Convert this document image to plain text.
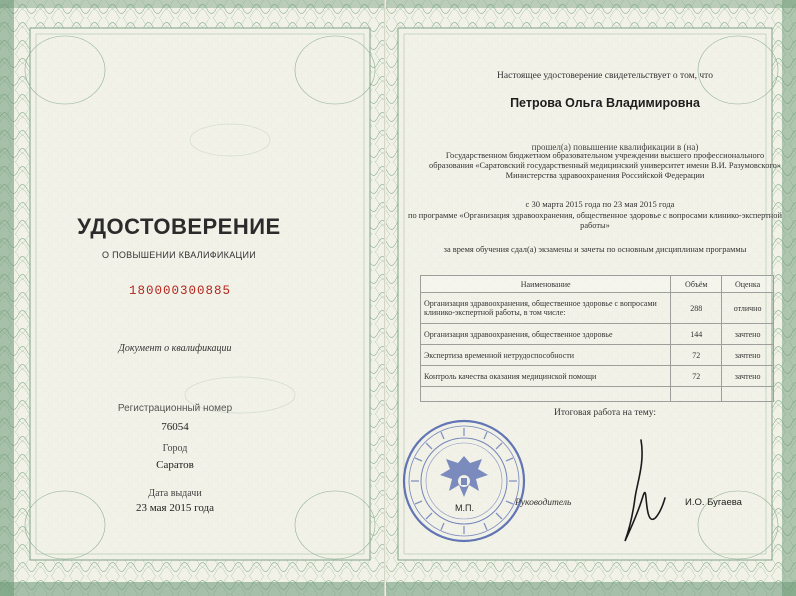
УДОСТОВЕРЕНИЕ
О ПОВЫШЕНИИ КВАЛИФИКАЦИИ
180000300885
Документ о квалификации
Регистрационный номер
76054
Город
Саратов
Дата выдачи
23 мая 2015 года
Настоящее удостоверение свидетельствует о том, что
Петрова Ольга Владимировна
прошел(а) повышение квалификации в (на)
Государственном бюджетном образовательном учреждении высшего профессионального образования «Саратовский государственный медицинский университет имени В.И. Разумовского» Министерства здравоохранения Российской Федерации
с 30 марта 2015 года по 23 мая 2015 года
по программе «Организация здравоохранения, общественное здоровье с вопросами клинико-экспертной работы»
за время обучения сдал(а) экзамены и зачеты по основным дисциплинам программы
Наименование	Объём	Оценка
Организация здравоохранения, общественное здоровье с вопросами клинико-экспертной работы, в том числе:	288	отлично
Организация здравоохранения, общественное здоровье	144	зачтено
Экспертиза временной нетрудоспособности	72	зачтено
Контроль качества оказания медицинской помощи	72	зачтено

Итоговая работа на тему:
М.П.	Руководитель	И.О. Бугаева
